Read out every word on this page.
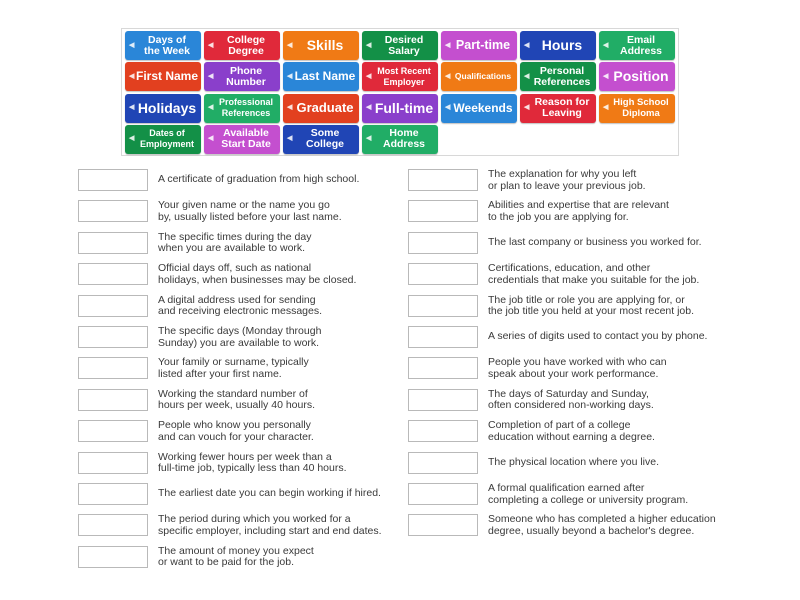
◀	Days of
the Week	◀ College
Degree	◀ Skills	◀ Desired
Salary	◀ Part-time ◀ Hours	◀	Email
Address
◀ First Name ◀	Phone
Number	◀ Last Name ◀
Most Recent
Employer
◀ Qualifications ◀ Personal
References ◀ Position
◀ Holidays ◀
Professional
References
◀ Graduate ◀ Full-time ◀ Weekends ◀ Reason for
Leaving	◀ High School
Diploma
◀
Dates of
Employment
◀ Available
Start Date ◀	Some
College	◀	Home
Address
A certificate of graduation from high school.
Your given name or the name you go
by, usually listed before your last name.
The specific times during the day
when you are available to work.
Official days off, such as national
holidays, when businesses may be closed.
A digital address used for sending
and receiving electronic messages.
The specific days (Monday through
Sunday) you are available to work.
Your family or surname, typically
listed after your first name.
Working the standard number of
hours per week, usually 40 hours.
People who know you personally
and can vouch for your character.
Working fewer hours per week than a
full-time job, typically less than 40 hours.
The earliest date you can begin working if hired.
The period during which you worked for a
specific employer, including start and end dates.
The amount of money you expect
or want to be paid for the job.
The explanation for why you left
or plan to leave your previous job.
Abilities and expertise that are relevant
to the job you are applying for.
The last company or business you worked for.
Certifications, education, and other
credentials that make you suitable for the job.
The job title or role you are applying for, or
the job title you held at your most recent job.
A series of digits used to contact you by phone.
People you have worked with who can
speak about your work performance.
The days of Saturday and Sunday,
often considered non-working days.
Completion of part of a college
education without earning a degree.
The physical location where you live.
A formal qualification earned after
completing a college or university program.
Someone who has completed a higher education
degree, usually beyond a bachelor's degree.
